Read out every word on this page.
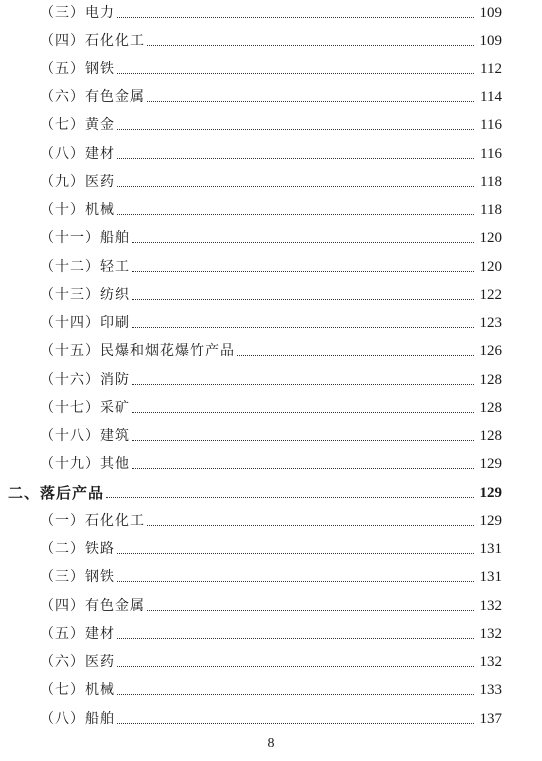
（三）电力	109
（四）石化化工	109
（五）钢铁	112
（六）有色金属	114
（七）黄金	116
（八）建材	116
（九）医药	118
（十）机械	118
（十一）船舶	120
（十二）轻工	120
（十三）纺织	122
（十四）印刷	123
（十五）民爆和烟花爆竹产品	126
（十六）消防	128
（十七）采矿	128
（十八）建筑	128
（十九）其他	129
二、落后产品	129
（一）石化化工	129
（二）铁路	131
（三）钢铁	131
（四）有色金属	132
（五）建材	132
（六）医药	132
（七）机械	133
（八）船舶	137
8
